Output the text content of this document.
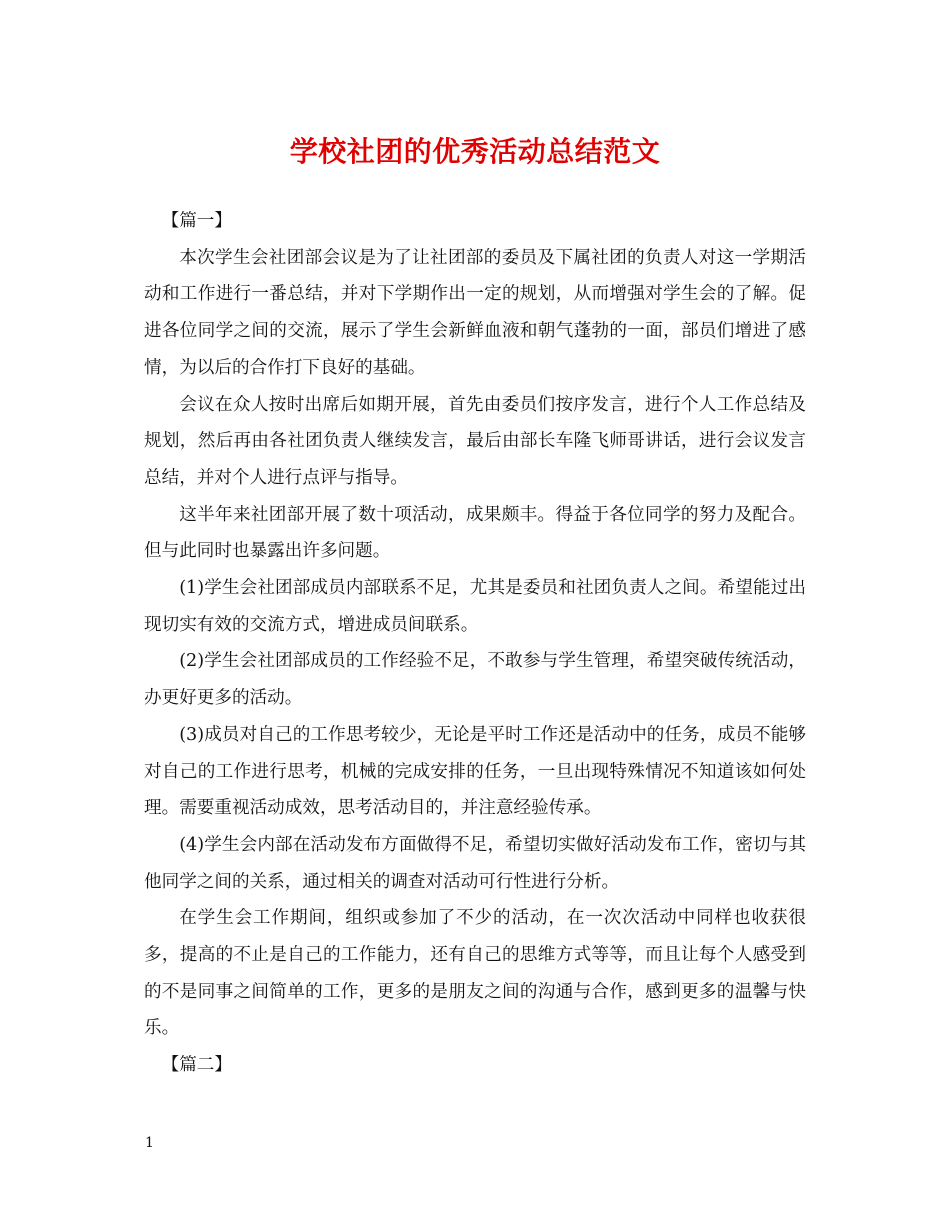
学校社团的优秀活动总结范文
【篇一】

本次学生会社团部会议是为了让社团部的委员及下属社团的负责人对这一学期活动和工作进行一番总结，并对下学期作出一定的规划，从而增强对学生会的了解。促进各位同学之间的交流，展示了学生会新鲜血液和朝气蓬勃的一面，部员们增进了感情，为以后的合作打下良好的基础。

会议在众人按时出席后如期开展，首先由委员们按序发言，进行个人工作总结及规划，然后再由各社团负责人继续发言，最后由部长车隆飞师哥讲话，进行会议发言总结，并对个人进行点评与指导。

这半年来社团部开展了数十项活动，成果颇丰。得益于各位同学的努力及配合。但与此同时也暴露出许多问题。

(1)学生会社团部成员内部联系不足，尤其是委员和社团负责人之间。希望能过出现切实有效的交流方式，增进成员间联系。

(2)学生会社团部成员的工作经验不足，不敢参与学生管理，希望突破传统活动，办更好更多的活动。

(3)成员对自己的工作思考较少，无论是平时工作还是活动中的任务，成员不能够对自己的工作进行思考，机械的完成安排的任务，一旦出现特殊情况不知道该如何处理。需要重视活动成效，思考活动目的，并注意经验传承。

(4)学生会内部在活动发布方面做得不足，希望切实做好活动发布工作，密切与其他同学之间的关系，通过相关的调查对活动可行性进行分析。

在学生会工作期间，组织或参加了不少的活动，在一次次活动中同样也收获很多，提高的不止是自己的工作能力，还有自己的思维方式等等，而且让每个人感受到的不是同事之间简单的工作，更多的是朋友之间的沟通与合作，感到更多的温馨与快乐。

【篇二】
1
